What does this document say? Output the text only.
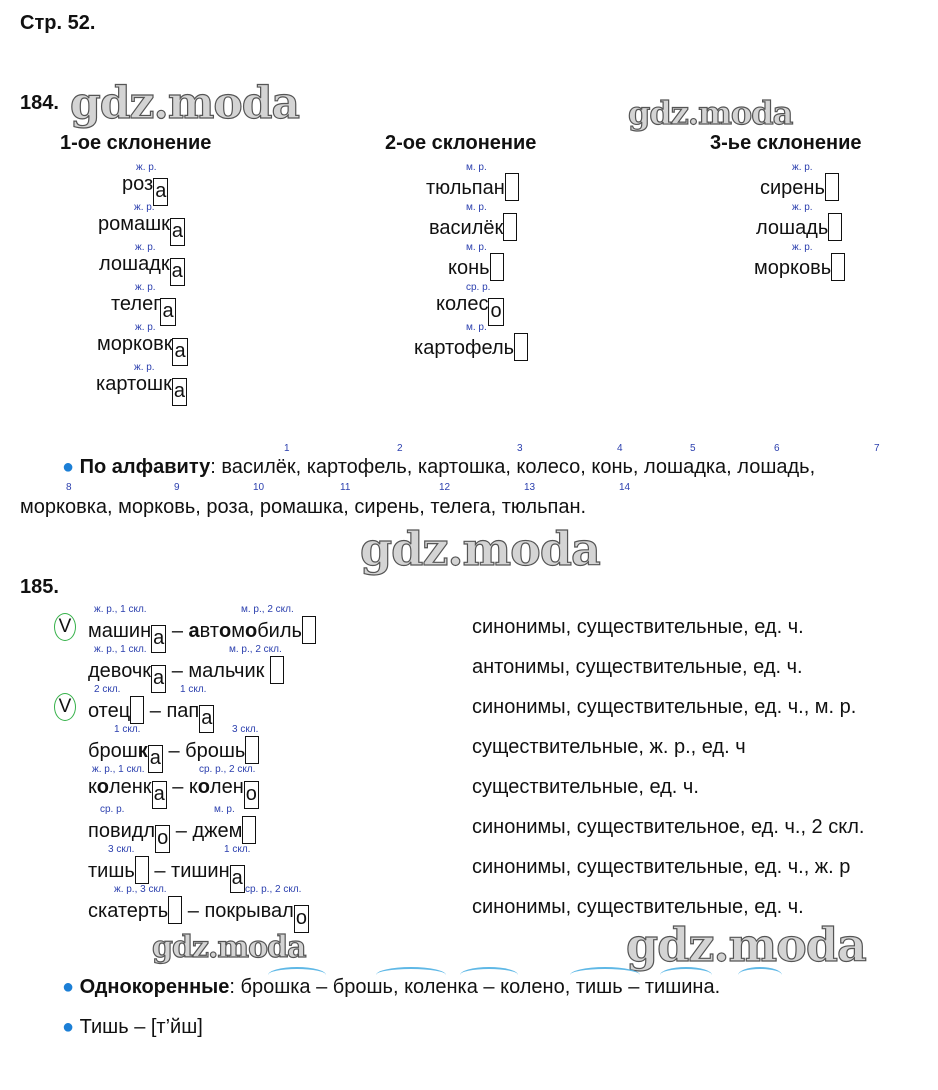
Стр. 52.
gdz.moda	gdz.moda
gdz.moda
gdz.moda	gdz.moda
184.
1-ое склонение	2-ое склонение	3-ье склонение
ж. р.
роз а
ж. р.
ромашк а
ж. р.
лошадк а
ж. р.
телег а
ж. р.
морковк а
ж. р.
картошк а
м. р.
тюльпан
м. р.
василёк
м. р.
конь
ср. р.
колес о
м. р.
картофель
ж. р.
сирень
ж. р.
лошадь
ж. р.
морковь
1	2	3	4	5	6	7
● По алфавиту: василёк, картофель, картошка, колесо, конь, лошадка, лошадь,
8	9	10	11	12	13	14
морковка, морковь, роза, ромашка, сирень, телега, тюльпан.
185.
V
ж. р., 1 скл.	м. р., 2 скл.
машин а – автомобиль	синонимы, существительные, ед. ч.
ж. р., 1 скл.	м. р., 2 скл.
девочк а – мальчик	антонимы, существительные, ед. ч.
V
2 скл.	1 скл.
отец – пап а	синонимы, существительные, ед. ч., м. р.
1 скл.	3 скл.
брошк а – брошь	существительные, ж. р., ед. ч
ж. р., 1 скл.	ср. р., 2 скл.
коленк а – колен о	существительные, ед. ч.
ср. р.	м. р.
повидл о – джем	синонимы, существительное, ед. ч., 2 скл.
3 скл.	1 скл.
тишь – тишин а	синонимы, существительные, ед. ч., ж. р
ж. р., 3 скл.	ср. р., 2 скл.
скатерть – покрывал о	синонимы, существительные, ед. ч.
● Однокоренные: брошка – брошь, коленка – колено, тишь – тишина.
● Тишь – [т’йш]
